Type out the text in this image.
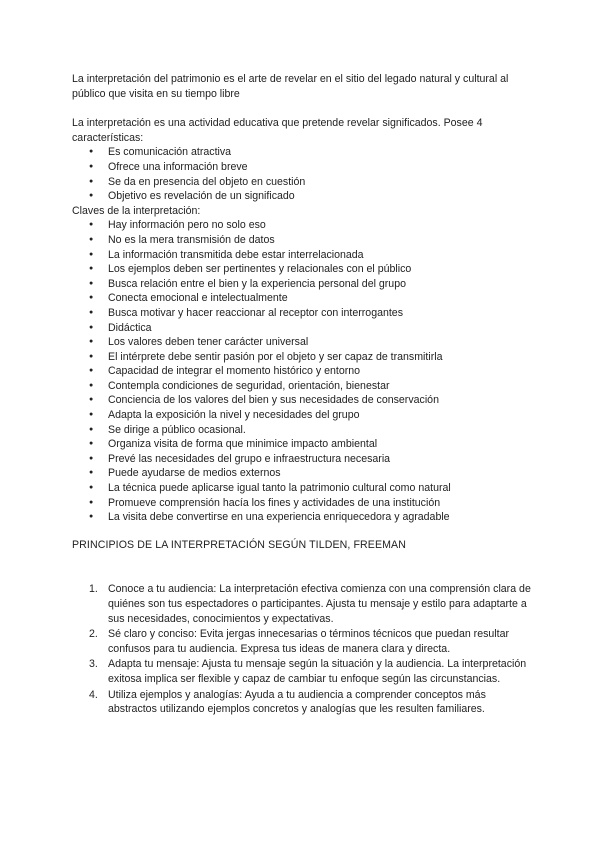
La interpretación del patrimonio es el arte de revelar en el sitio del legado natural y cultural al público que visita en su tiempo libre

La interpretación es una actividad educativa que pretende revelar significados. Posee 4 características:

● Es comunicación atractiva
● Ofrece una información breve
● Se da en presencia del objeto en cuestión
● Objetivo es revelación de un significado

Claves de la interpretación:

● Hay información pero no solo eso
● No es la mera transmisión de datos
● La información transmitida debe estar interrelacionada
● Los ejemplos deben ser pertinentes y relacionales con el público
● Busca relación entre el bien y la experiencia personal del grupo
● Conecta emocional e intelectualmente
● Busca motivar y hacer reaccionar al receptor con interrogantes
● Didáctica
● Los valores deben tener carácter universal
● El intérprete debe sentir pasión por el objeto y ser capaz de transmitirla
● Capacidad de integrar el momento histórico y entorno
● Contempla condiciones de seguridad, orientación, bienestar
● Conciencia de los valores del bien y sus necesidades de conservación
● Adapta la exposición la nivel y necesidades del grupo
● Se dirige a público ocasional.
● Organiza visita de forma que minimice impacto ambiental
● Prevé las necesidades del grupo e infraestructura necesaria
● Puede ayudarse de medios externos
● La técnica puede aplicarse igual tanto la patrimonio cultural como natural
● Promueve comprensión hacía los fines y actividades de una institución
● La visita debe convertirse en una experiencia enriquecedora y agradable

PRINCIPIOS DE LA INTERPRETACIÓN SEGÚN TILDEN, FREEMAN

1. Conoce a tu audiencia: La interpretación efectiva comienza con una comprensión clara de quiénes son tus espectadores o participantes. Ajusta tu mensaje y estilo para adaptarte a sus necesidades, conocimientos y expectativas.
2. Sé claro y conciso: Evita jergas innecesarias o términos técnicos que puedan resultar confusos para tu audiencia. Expresa tus ideas de manera clara y directa.
3. Adapta tu mensaje: Ajusta tu mensaje según la situación y la audiencia. La interpretación exitosa implica ser flexible y capaz de cambiar tu enfoque según las circunstancias.
4. Utiliza ejemplos y analogías: Ayuda a tu audiencia a comprender conceptos más abstractos utilizando ejemplos concretos y analogías que les resulten familiares.
